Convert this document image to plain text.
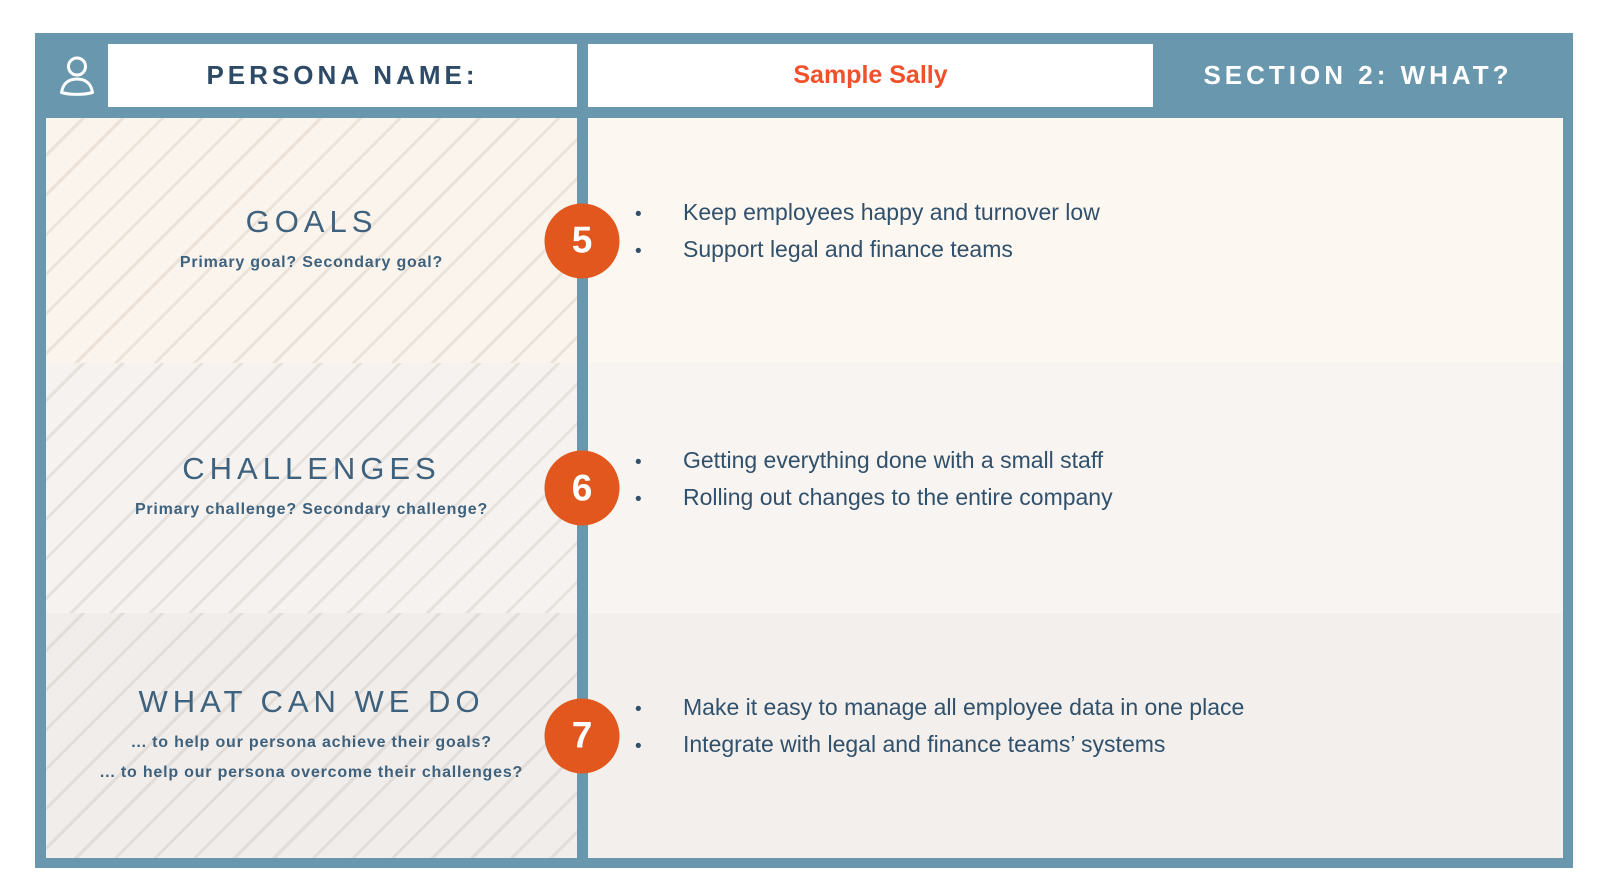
PERSONA NAME:	Sample Sally	SECTION 2: WHAT?
GOALS
Primary goal? Secondary goal?
•	Keep employees happy and turnover low
•	Support legal and finance teams
5
CHALLENGES
Primary challenge? Secondary challenge?
•	Getting everything done with a small staff
•	Rolling out changes to the entire company
6
WHAT CAN WE DO
... to help our persona achieve their goals?
... to help our persona overcome their challenges?
•	Make it easy to manage all employee data in one place
•	Integrate with legal and finance teams’ systems
7
